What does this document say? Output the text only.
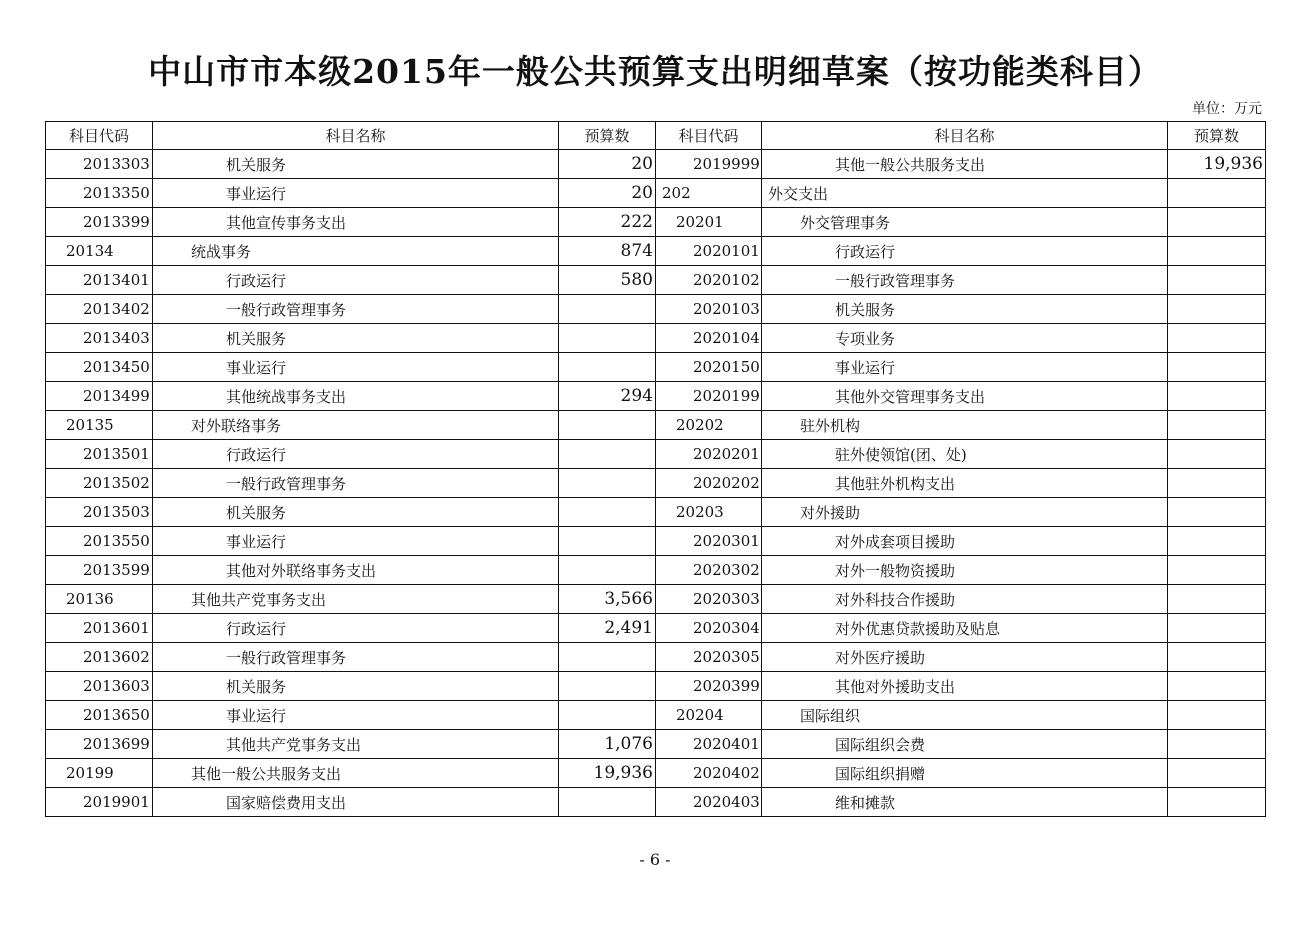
中山市市本级2015年一般公共预算支出明细草案（按功能类科目）
单位：万元
科目代码	科目名称	预算数	科目代码	科目名称	预算数
2013303	机关服务	20	2019999	其他一般公共服务支出	19,936
2013350	事业运行	20	202	外交支出	
2013399	其他宣传事务支出	222	20201	外交管理事务	
20134	统战事务	874	2020101	行政运行	
2013401	行政运行	580	2020102	一般行政管理事务	
2013402	一般行政管理事务		2020103	机关服务	
2013403	机关服务		2020104	专项业务	
2013450	事业运行		2020150	事业运行	
2013499	其他统战事务支出	294	2020199	其他外交管理事务支出	
20135	对外联络事务		20202	驻外机构	
2013501	行政运行		2020201	驻外使领馆(团、处)	
2013502	一般行政管理事务		2020202	其他驻外机构支出	
2013503	机关服务		20203	对外援助	
2013550	事业运行		2020301	对外成套项目援助	
2013599	其他对外联络事务支出		2020302	对外一般物资援助	
20136	其他共产党事务支出	3,566	2020303	对外科技合作援助	
2013601	行政运行	2,491	2020304	对外优惠贷款援助及贴息	
2013602	一般行政管理事务		2020305	对外医疗援助	
2013603	机关服务		2020399	其他对外援助支出	
2013650	事业运行		20204	国际组织	
2013699	其他共产党事务支出	1,076	2020401	国际组织会费	
20199	其他一般公共服务支出	19,936	2020402	国际组织捐赠	
2019901	国家赔偿费用支出		2020403	维和摊款	
- 6 -
